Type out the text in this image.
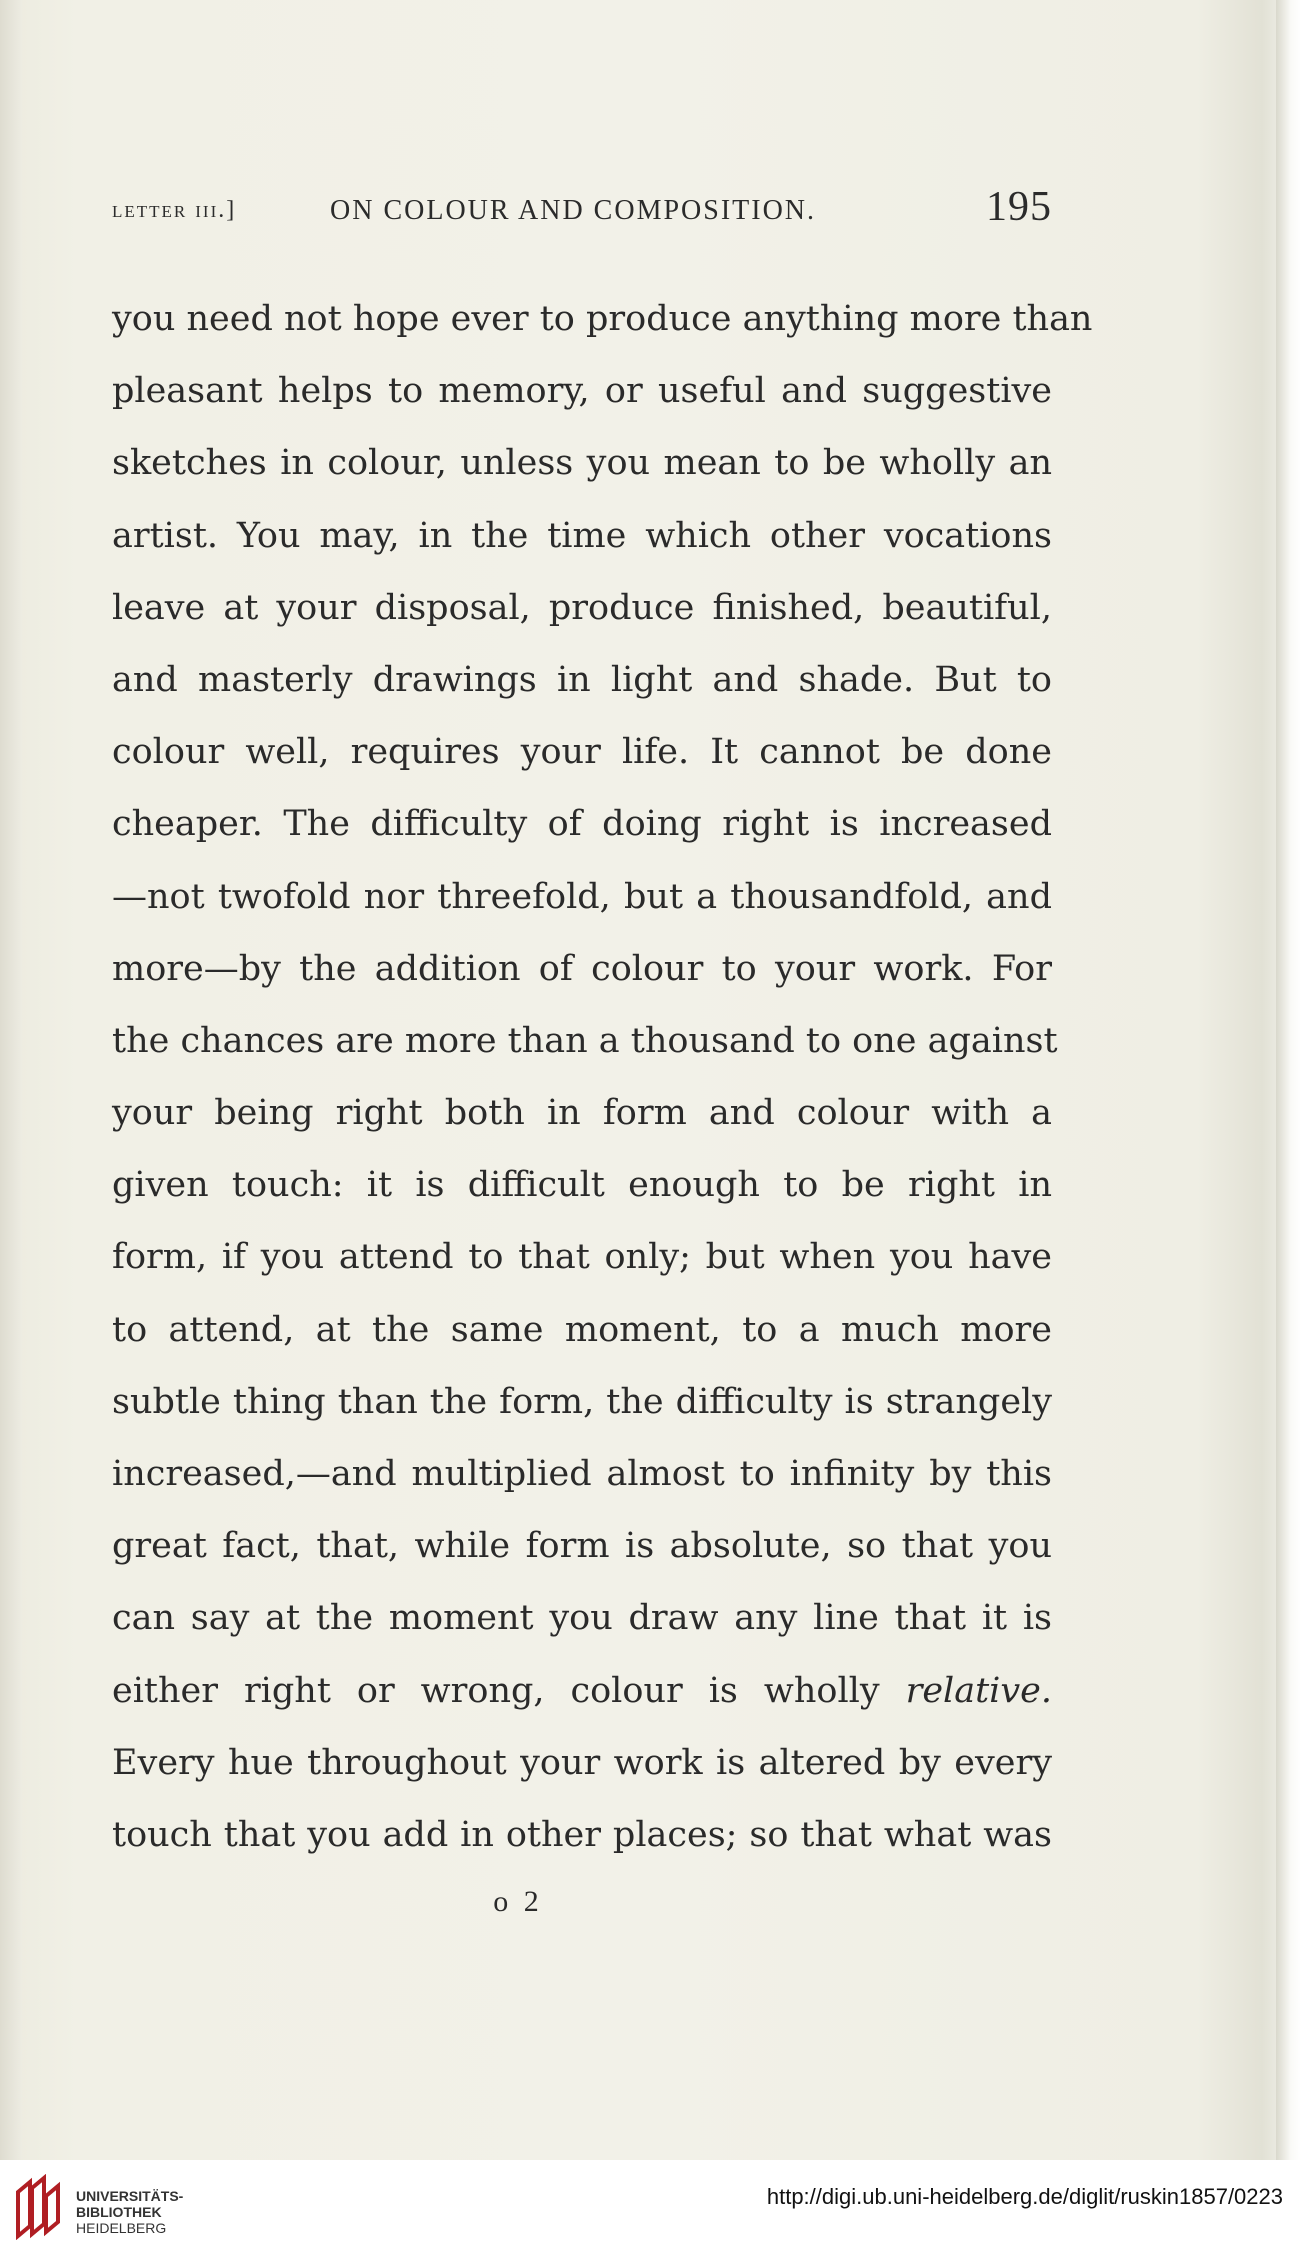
letter iii.]	ON COLOUR AND COMPOSITION.	195
you need not hope ever to produce anything more than
pleasant helps to memory, or useful and suggestive
sketches in colour, unless you mean to be wholly an
artist. You may, in the time which other vocations
leave at your disposal, produce finished, beautiful,
and masterly drawings in light and shade. But to
colour well, requires your life. It cannot be done
cheaper. The difficulty of doing right is increased
—not twofold nor threefold, but a thousandfold, and
more—by the addition of colour to your work. For
the chances are more than a thousand to one against
your being right both in form and colour with a
given touch: it is difficult enough to be right in
form, if you attend to that only; but when you have
to attend, at the same moment, to a much more
subtle thing than the form, the difficulty is strangely
increased,—and multiplied almost to infinity by this
great fact, that, while form is absolute, so that you
can say at the moment you draw any line that it is
either right or wrong, colour is wholly relative.
Every hue throughout your work is altered by every
touch that you add in other places; so that what was
o 2
UNIVERSITÄTS-
BIBLIOTHEK
HEIDELBERG
http://digi.ub.uni-heidelberg.de/diglit/ruskin1857/0223
